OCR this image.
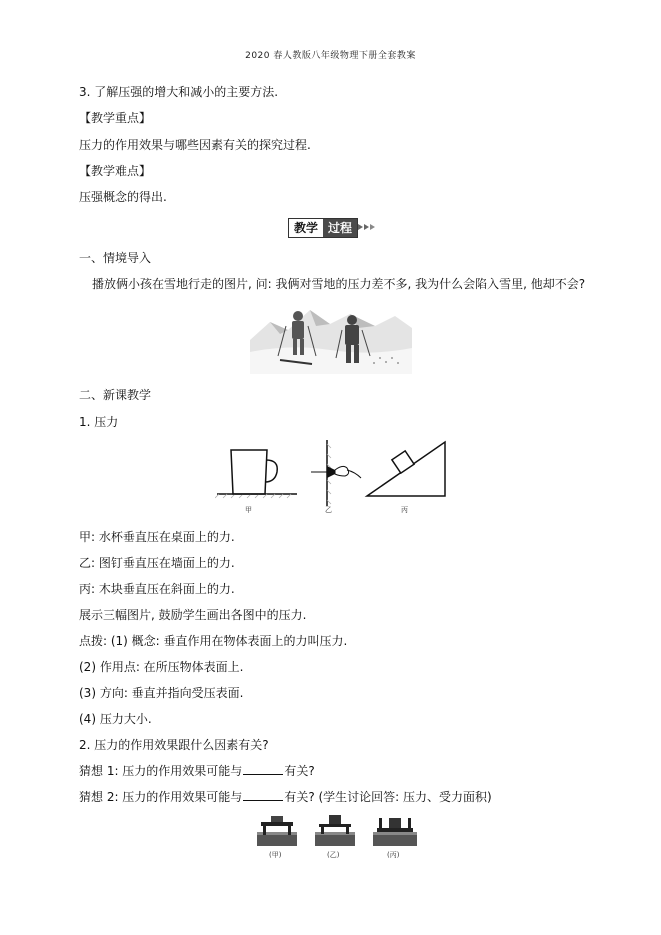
2020 春人教版八年级物理下册全套教案
3. 了解压强的增大和减小的主要方法.
【教学重点】
压力的作用效果与哪些因素有关的探究过程.
【教学难点】
压强概念的得出.
教学 过程
一、情境导入
播放俩小孩在雪地行走的图片, 问: 我俩对雪地的压力差不多, 我为什么会陷入雪里, 他却不会?
二、新课教学
1. 压力
甲	乙	丙
甲: 水杯垂直压在桌面上的力.
乙: 图钉垂直压在墙面上的力.
丙: 木块垂直压在斜面上的力.
展示三幅图片, 鼓励学生画出各图中的压力.
点拨: (1) 概念: 垂直作用在物体表面上的力叫压力.
(2) 作用点: 在所压物体表面上.
(3) 方向: 垂直并指向受压表面.
(4) 压力大小.
2. 压力的作用效果跟什么因素有关?
猜想 1: 压力的作用效果可能与	有关?
猜想 2: 压力的作用效果可能与	有关? (学生讨论回答: 压力、受力面积)
(甲)	(乙)	(丙)
